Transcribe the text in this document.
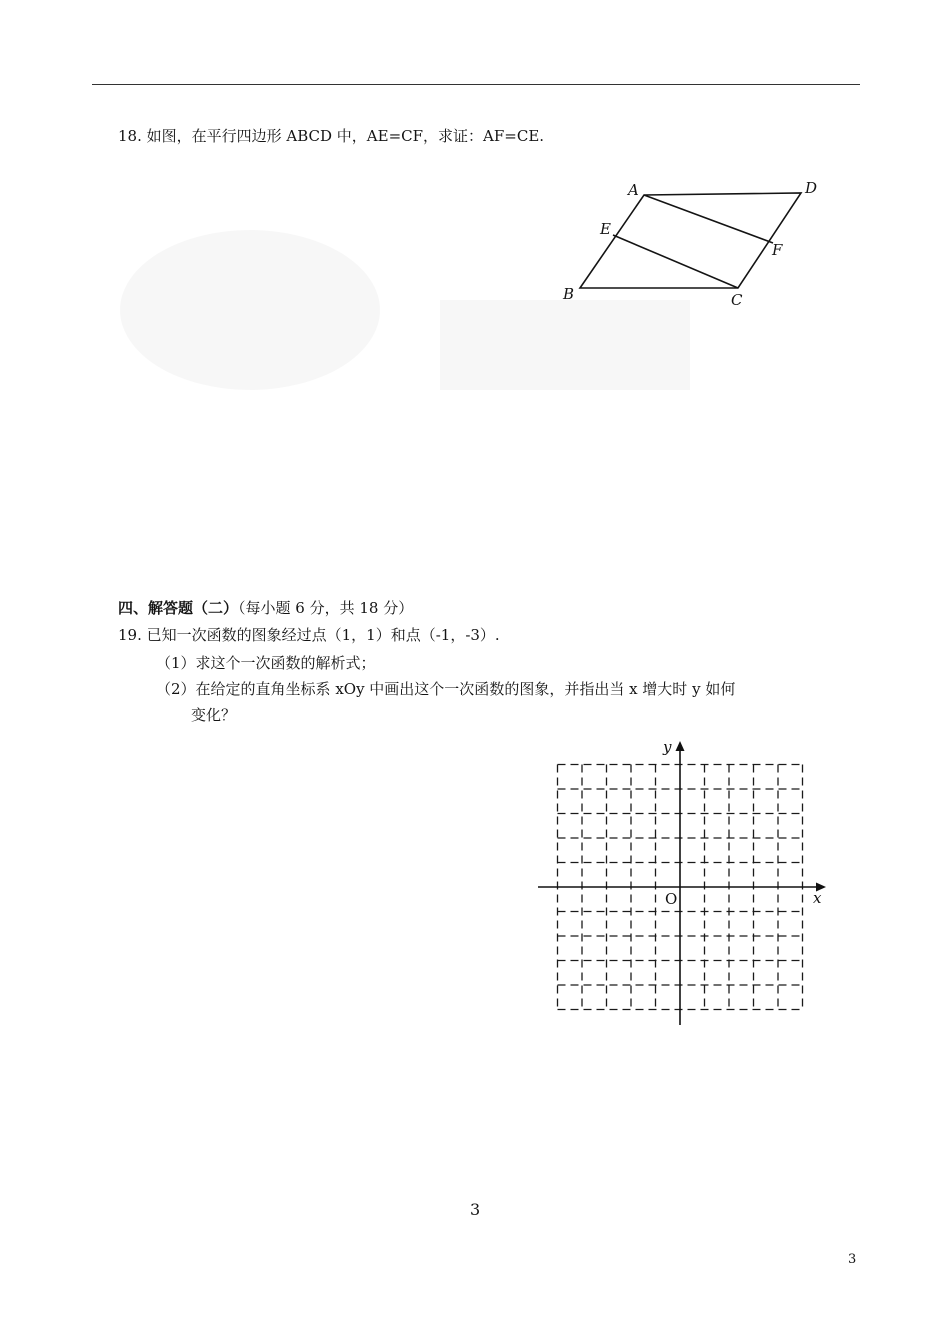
18. 如图，在平行四边形 ABCD 中，AE=CF，求证：AF=CE.
A	D
E
F
B	C
四、解答题（二）（每小题 6 分，共 18 分）
19. 已知一次函数的图象经过点（1，1）和点（-1，-3）.
（1）求这个一次函数的解析式；
（2）在给定的直角坐标系 xOy 中画出这个一次函数的图象，并指出当 x 增大时 y 如何
变化？
x
y
O
3
3
